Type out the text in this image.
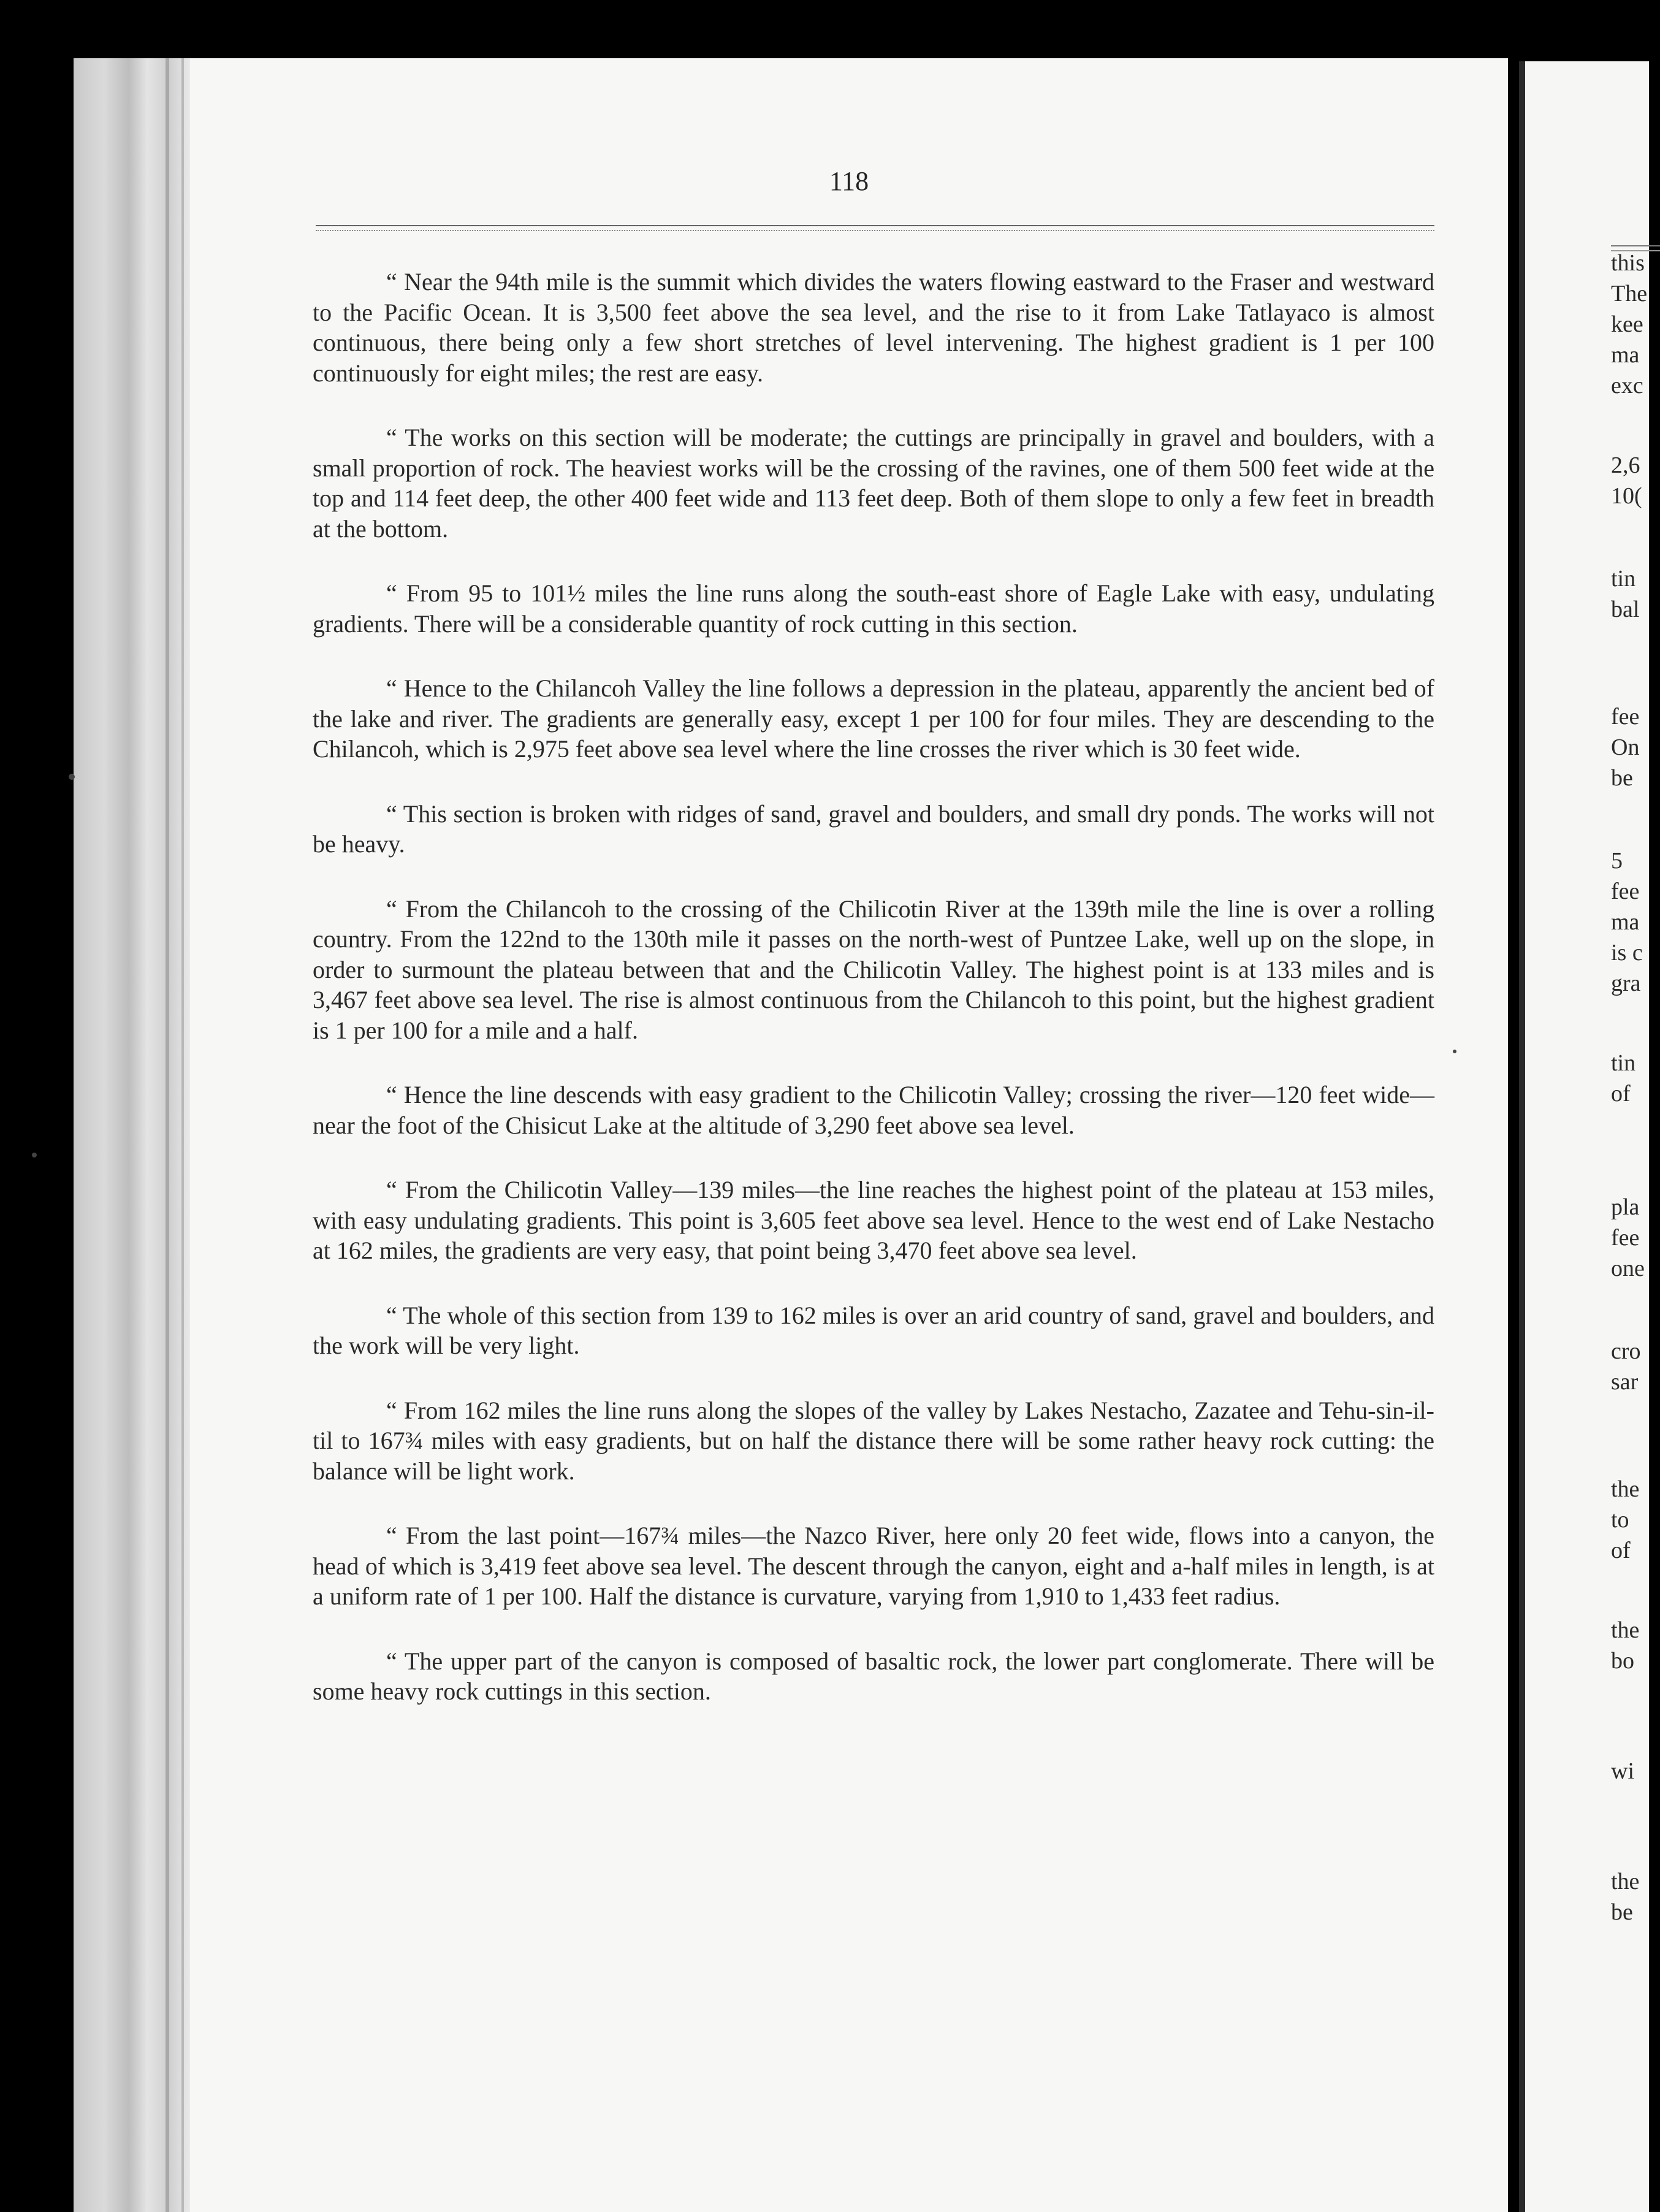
118

“ Near the 94th mile is the summit which divides the waters flowing eastward to the Fraser and westward to the Pacific Ocean. It is 3,500 feet above the sea level, and the rise to it from Lake Tatlayaco is almost continuous, there being only a few short stretches of level intervening. The highest gradient is 1 per 100 continuously for eight miles; the rest are easy.

“ The works on this section will be moderate; the cuttings are principally in gravel and boulders, with a small proportion of rock. The heaviest works will be the crossing of the ravines, one of them 500 feet wide at the top and 114 feet deep, the other 400 feet wide and 113 feet deep. Both of them slope to only a few feet in breadth at the bottom.

“ From 95 to 101½ miles the line runs along the south-east shore of Eagle Lake with easy, undulating gradients. There will be a considerable quantity of rock cutting in this section.

“ Hence to the Chilancoh Valley the line follows a depression in the plateau, apparently the ancient bed of the lake and river. The gradients are generally easy, except 1 per 100 for four miles. They are descending to the Chilancoh, which is 2,975 feet above sea level where the line crosses the river which is 30 feet wide.

“ This section is broken with ridges of sand, gravel and boulders, and small dry ponds. The works will not be heavy.

“ From the Chilancoh to the crossing of the Chilicotin River at the 139th mile the line is over a rolling country. From the 122nd to the 130th mile it passes on the north-west of Puntzee Lake, well up on the slope, in order to surmount the plateau between that and the Chilicotin Valley. The highest point is at 133 miles and is 3,467 feet above sea level. The rise is almost continuous from the Chilancoh to this point, but the highest gradient is 1 per 100 for a mile and a half.

“ Hence the line descends with easy gradient to the Chilicotin Valley; crossing the river—120 feet wide—near the foot of the Chisicut Lake at the altitude of 3,290 feet above sea level.

“ From the Chilicotin Valley—139 miles—the line reaches the highest point of the plateau at 153 miles, with easy undulating gradients. This point is 3,605 feet above sea level. Hence to the west end of Lake Nestacho at 162 miles, the gradients are very easy, that point being 3,470 feet above sea level.

“ The whole of this section from 139 to 162 miles is over an arid country of sand, gravel and boulders, and the work will be very light.

“ From 162 miles the line runs along the slopes of the valley by Lakes Nestacho, Zazatee and Tehu-sin-il-til to 167¾ miles with easy gradients, but on half the distance there will be some rather heavy rock cutting: the balance will be light work.

“ From the last point—167¾ miles—the Nazco River, here only 20 feet wide, flows into a canyon, the head of which is 3,419 feet above sea level. The descent through the canyon, eight and a-half miles in length, is at a uniform rate of 1 per 100. Half the distance is curvature, varying from 1,910 to 1,433 feet radius.

“ The upper part of the canyon is composed of basaltic rock, the lower part conglomerate. There will be some heavy rock cuttings in this section.

this
The
kee
ma
exc
2,6
10(
tin
bal
fee
On
be
5
fee
ma
is c
gra
tin
of
pla
fee
one
cro
sar
the
to
of
the
bo
wi
the
be
